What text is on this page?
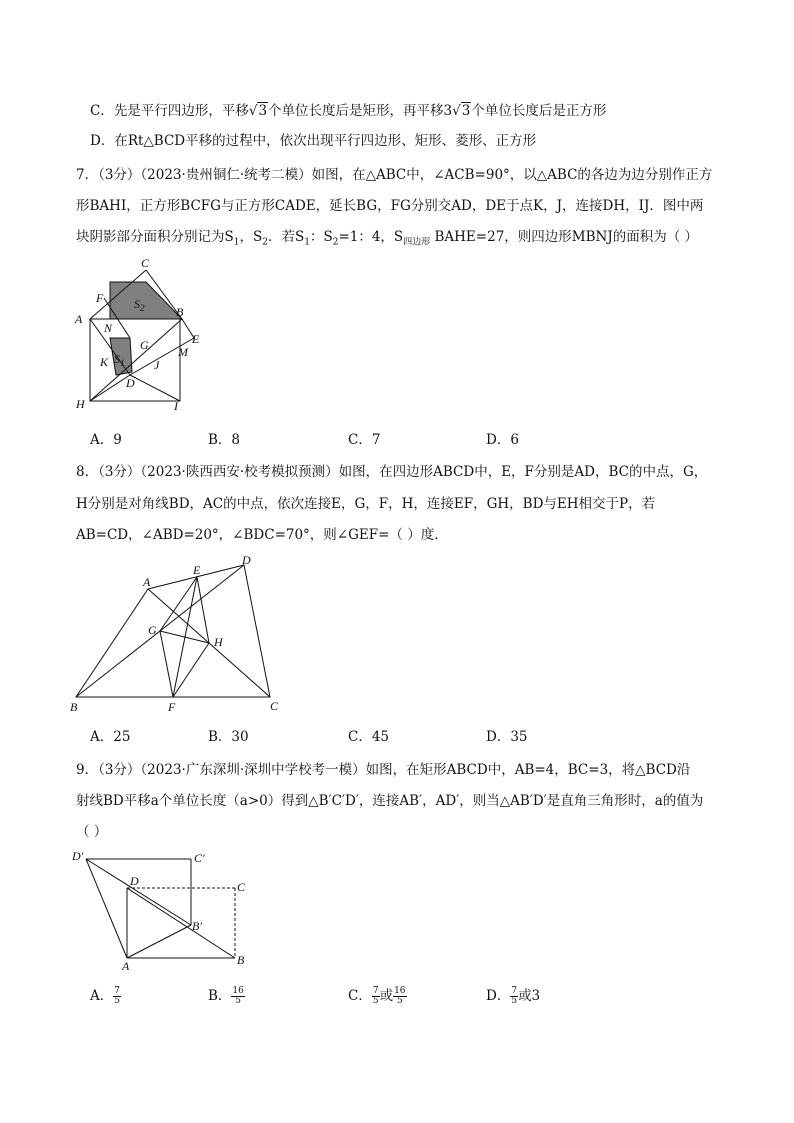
C．先是平行四边形，平移√3个单位长度后是矩形，再平移3√3个单位长度后是正方形
D．在Rt△BCD平移的过程中，依次出现平行四边形、矩形、菱形、正方形
7．（3分）（2023·贵州铜仁·统考二模）如图，在△ABC中，∠ACB=90°，以△ABC的各边为边分别作正方
形BAHI，正方形BCFG与正方形CADE，延长BG，FG分别交AD，DE于点K，J，连接DH，IJ．图中两
块阴影部分面积分别记为$S_1$，$S_2$．若$S_1$：$S_2=1$：4，$S_{四边形}$ BAHE=27，则四边形MBNJ的面积为（ ）
C
F	$S_2$	B
A
N
E
G M
K $S_1$ J
D
H	I
A．9	B．8	C．7	D．6
8．（3分）（2023·陕西西安·校考模拟预测）如图，在四边形ABCD中，E，F分别是AD，BC的中点，G，
H分别是对角线BD，AC的中点，依次连接E，G，F，H，连接EF，GH，BD与EH相交于P，若
AB=CD，∠ABD=20°，∠BDC=70°，则∠GEF=（ ）度．
A
E
D
G
H
B	F	C
A．25	B．30	C．45	D．35
9．（3分）（2023·广东深圳·深圳中学校考一模）如图，在矩形ABCD中，AB=4，BC=3，将△BCD沿
射线BD平移a个单位长度（a>0）得到△B′C′D′，连接AB′，AD′，则当△AB′D′是直角三角形时，a的值为
（ ）
D′	C′
D	C
B′
A	B
A． $\frac{7}{5}$	B． $\frac{16}{5}$	C． $\frac{7}{5}$ 或 $\frac{16}{5}$	D． $\frac{7}{5}$ 或3
